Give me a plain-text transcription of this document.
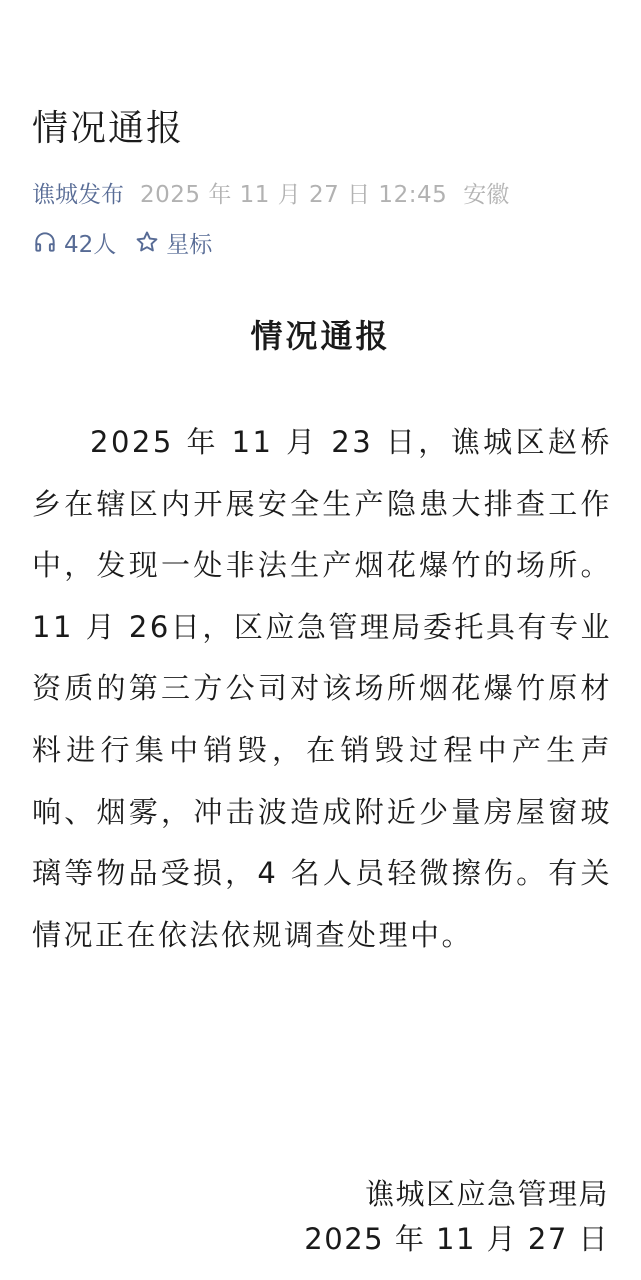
情况通报
谯城发布 2025 年 11 月 27 日 12:45 安徽
42人 星标
情况通报

2025 年 11 月 23 日，谯城区赵桥乡在辖区内开展安全生产隐患大排查工作中，发现一处非法生产烟花爆竹的场所。11 月 26日，区应急管理局委托具有专业资质的第三方公司对该场所烟花爆竹原材料进行集中销毁，在销毁过程中产生声响、烟雾，冲击波造成附近少量房屋窗玻璃等物品受损，4 名人员轻微擦伤。有关情况正在依法依规调查处理中。

谯城区应急管理局
2025 年 11 月 27 日
